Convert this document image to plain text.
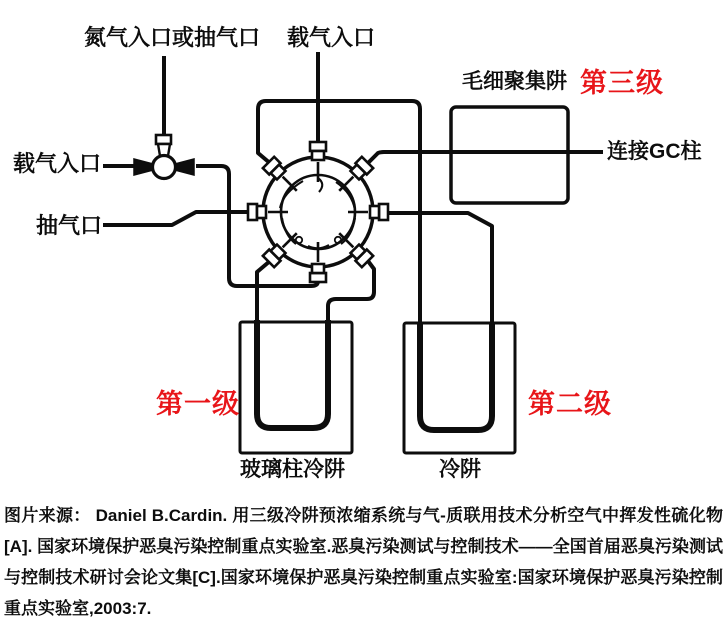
氮气入口或抽气口 载气入口
毛细聚集阱 第三级
连接GC柱
载气入口
抽气口
第一级	第二级
玻璃柱冷阱	冷阱
图片来源： Daniel B.Cardin. 用三级冷阱预浓缩系统与气-质联用技术分析空气中挥发性硫化物[A]. 国家环境保护恶臭污染控制重点实验室.恶臭污染测试与控制技术——全国首届恶臭污染测试与控制技术研讨会论文集[C].国家环境保护恶臭污染控制重点实验室:国家环境保护恶臭污染控制重点实验室,2003:7.
